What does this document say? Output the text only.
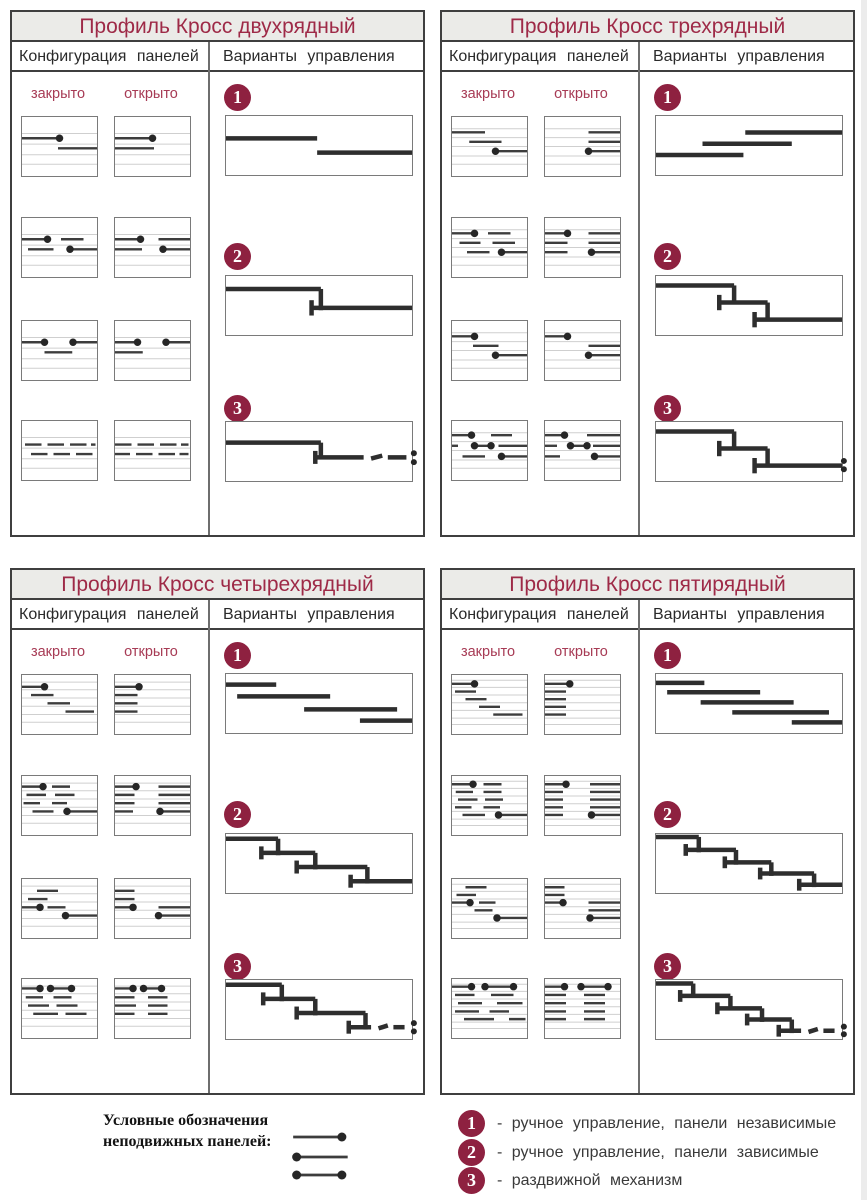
Профиль Кросс двухрядный
Конфигурация панелей	Варианты управления
закрыто	открыто	1
2
3
Профиль Кросс трехрядный
Конфигурация панелей	Варианты управления
закрыто	открыто	1
2
3
Профиль Кросс четырехрядный
Конфигурация панелей	Варианты управления
закрыто	открыто	1
2
3
Профиль Кросс пятирядный
Конфигурация панелей	Варианты управления
закрыто	открыто	1
2
3
Условные обозначения
неподвижных панелей:
1	- ручное управление, панели независимые
2	- ручное управление, панели зависимые
3	- раздвижной механизм
